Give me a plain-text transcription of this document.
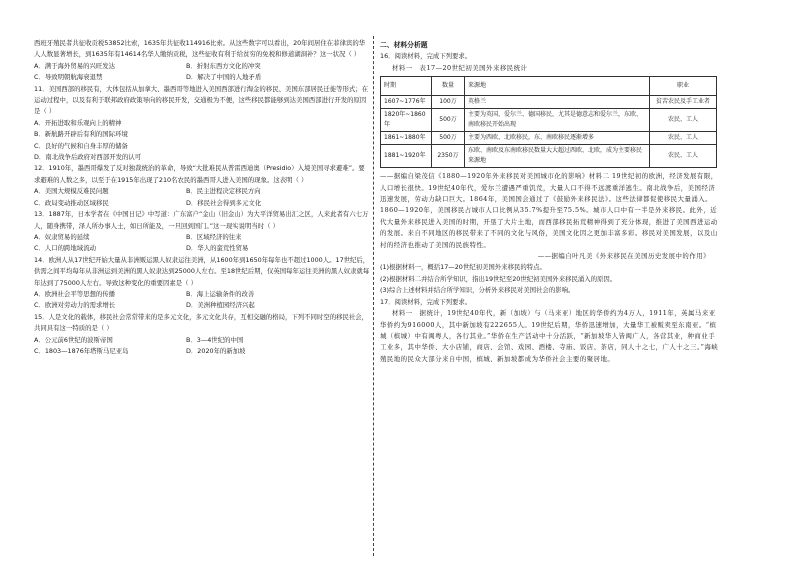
西班牙殖民者共征收贡税53852比索，1635年共征收114916比索。从这些数字可以看出，20年间居住在菲律宾的华人人数显著增长，到1635年有14614名华人缴纳贡税，这些征收有利于给贫穷的免税和修道湖洞补？这一状况（ ）

A．满于海外贸易的兴旺发达	B．折射东西方文化的冲突
C．导致明朝航海衰退禁	D．解决了中国的人地矛盾

11．美国西部的移民有，大体包括从加拿大、墨西哥等地进入美国西部进行淘金的移民、美国东部居民迁徙等形式；在运动过程中，以及有利于联邦政府政策导向的移民开发，交通极为不便，这些移民都能够到达美国西部进行开发的原因是（ ）

A．开拓进取和乐观向上的精神
B．新航路开辟后有利的国际环境
C．良好的气候和自身丰厚的储备
D．南北战争后政府对西部开发的认可

12．1910年，墨西哥爆发了反对独裁统治的革命，导致“大批难民从普雷西迪奥（Presidio）入境美国寻求避难”。要求避难的人数之多，以至于在1915年出现了210名农民的墨西哥人进入美国的现象。这表明（ ）

A．美国大规模反难民问题	B．民主进程决定移民方向
C．政局变动推动区域移民	D．移民社会得到多元文化

13．1887年，日本学者在《中国日记》中写道：广东富户“金山（旧金山）为大平洋贸易出汇之区，人来此者有六七万人，随身携带，泽人所办事人士，如日所能及，一旦回到国门。”这一现实说明当时（ ）

A．奴隶贸易的延续	B．区域经济的往来
C．人口的跨地域流动	D．华人的蛮荒性贸易

14．欧洲人从17世纪开始大量从非洲贩运黑人奴隶运往美洲，从1600年到1650年每年也不超过1000人。17世纪后，供需之间平均每年从非洲运到美洲的黑人奴隶达到25000人左右。至18世纪后期，仅英国每年运往美洲的黑人奴隶就每年达到了75000人左右。导致这种变化的重要因素是（ ）

A．欧洲社会平等思想的传播	B．海上运输条件的改善
C．欧洲对劳动力的需求增长	D．美洲种植园经济兴起

15．人是文化的载体，移民社会常常带来的是多元文化，多元文化共存，互相交融的格局，下列不同时空的移民社会，共同具有这一特质的是（ ）

A．公元前6世纪的波斯帝国	B．3—4世纪的中国
C．1803—1876年塔斯马尼亚岛	D．2020年的新加坡
二、材料分析题

16．阅读材料，完成下列要求。

材料一　表17—20世纪初美国外来移民统计
时期	数量	来源地	职业
1607~1776年	100万	英格兰	贫苦农民及手工业者
1820年~1860年	500万	主要为英国、爱尔兰、德国移民，尤其是德意志和爱尔兰，东欧、南欧移民开始出现	农民、工人
1861~1880年	500万	主要为西欧、北欧移民，东、南欧移民逐渐增多	农民、工人
1881~1920年	2350万	东欧、南欧及东南欧移民数量大大超过西欧、北欧，成为主要移民来源地	农民、工人

——据编自梁茂信《1880—1920年外来移民对美国城市化的影响》材料二 19世纪初的欧洲，经济发展有限，人口增长很快。19世纪40年代，爱尔兰遭遇严重饥荒，大量人口不得不远渡重洋逃生。南北战争后，美国经济迅速发展，劳动力缺口巨大。1864年，美国国会通过了《鼓励外来移民法》。这些法律都促使移民大量涌入。1860—1920年，美国移民占城市人口比例从35.7%提升至75.5%。城市人口中有一半是外来移民。此外，近代大量外来移民进入美国的时期，开垦了大片土地，而西部移民拓荒精神得到了充分体现，推进了美国西进运动的发展。来自不同地区的移民带来了不同的文化与风俗，美国文化因之更加丰富多彩。移民对美国发展，以及山村的经济也推动了美国的民族特性。

——据编自叶凡美《外来移民在美国历史发展中的作用》

(1)根据材料一，概括17—20世纪初美国外来移民的特点。

(2)根据材料二并结合所学知识，指出19世纪至20世纪初美国外来移民涌入的原因。

(3)综合上述材料并结合所学知识，分析外来移民对美国社会的影响。

17．阅读材料，完成下列要求。

材料一　据统计，19世纪40年代，新（加坡）与（马来亚）地区的华侨约为4万人，1911年，英属马来亚华侨约为916000人，其中新加坡有222655人。19世纪后期，华侨迅速增加，大量华工被贩卖至东南亚。“槟城（槟城）中有闽粤人，各行其业。”华侨在生产活动中十分活跃，“新加坡华人皆闽广人，各营其业，种商业手工业多，其中华侨、大小店铺，商店、会馆、戏园、酒楼、寺庙、饭店、茶店，同人十之七，广人十之三。”海峡殖民地的民众大部分来自中国，槟城、新加坡都成为华侨社会主要的聚居地。
